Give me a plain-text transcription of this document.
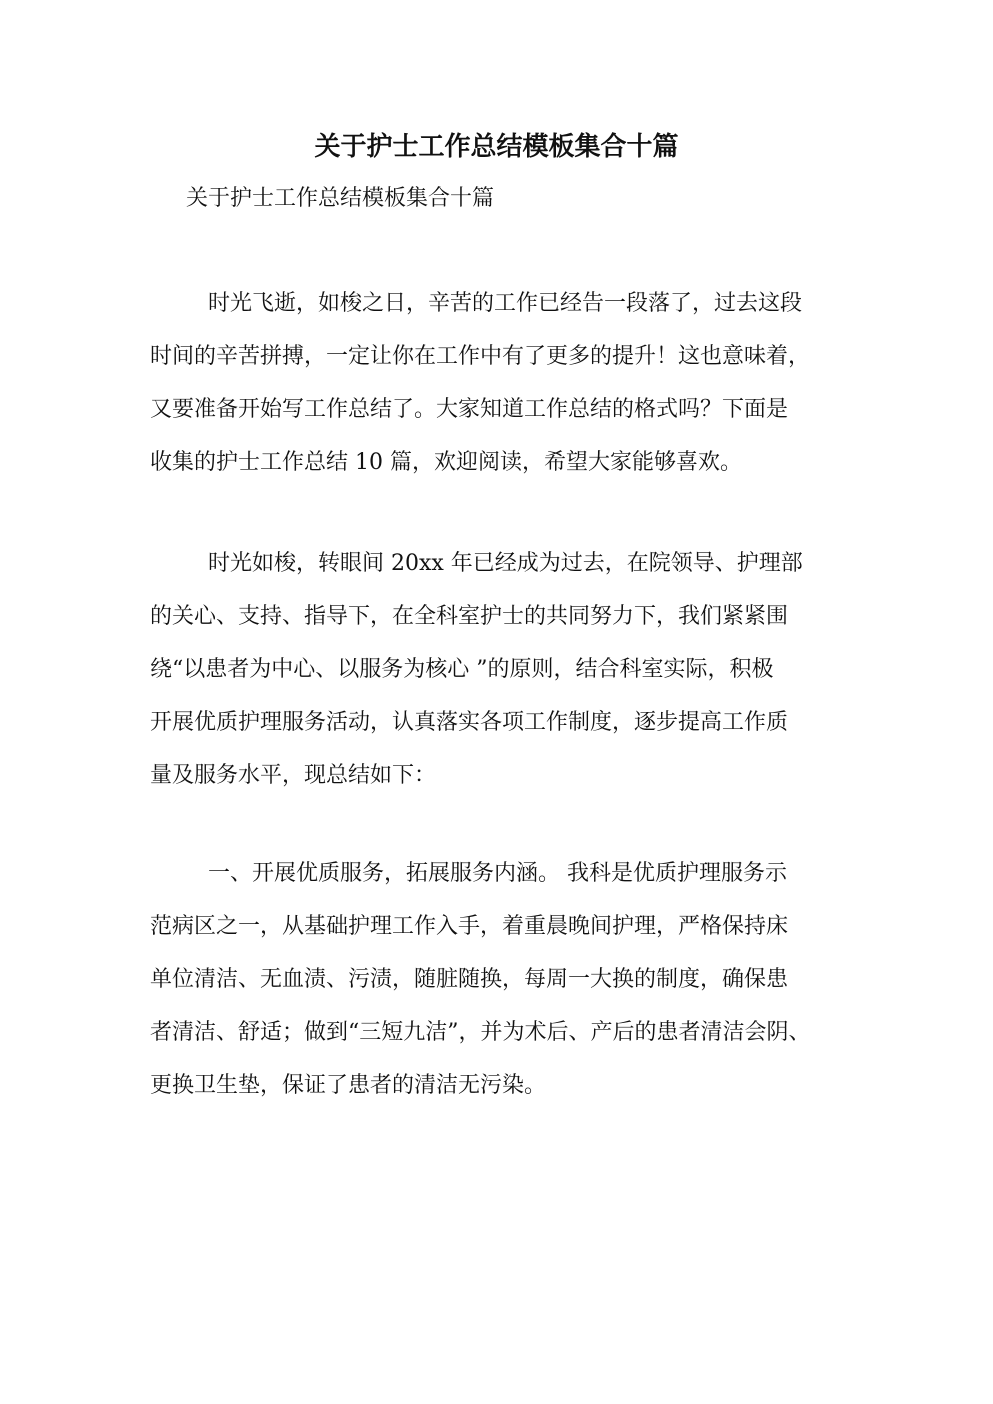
关于护士工作总结模板集合十篇

关于护士工作总结模板集合十篇

时光飞逝，如梭之日，辛苦的工作已经告一段落了，过去这段
时间的辛苦拼搏，一定让你在工作中有了更多的提升！这也意味着，
又要准备开始写工作总结了。大家知道工作总结的格式吗？下面是
收集的护士工作总结 10 篇，欢迎阅读，希望大家能够喜欢。
时光如梭，转眼间 20xx 年已经成为过去，在院领导、护理部
的关心、支持、指导下，在全科室护士的共同努力下，我们紧紧围
绕“以患者为中心、以服务为核心 ”的原则，结合科室实际，积极
开展优质护理服务活动，认真落实各项工作制度，逐步提高工作质
量及服务水平，现总结如下：
一、开展优质服务，拓展服务内涵。 我科是优质护理服务示
范病区之一，从基础护理工作入手，着重晨晚间护理，严格保持床
单位清洁、无血渍、污渍，随脏随换，每周一大换的制度，确保患
者清洁、舒适；做到“三短九洁”，并为术后、产后的患者清洁会阴、
更换卫生垫，保证了患者的清洁无污染。
